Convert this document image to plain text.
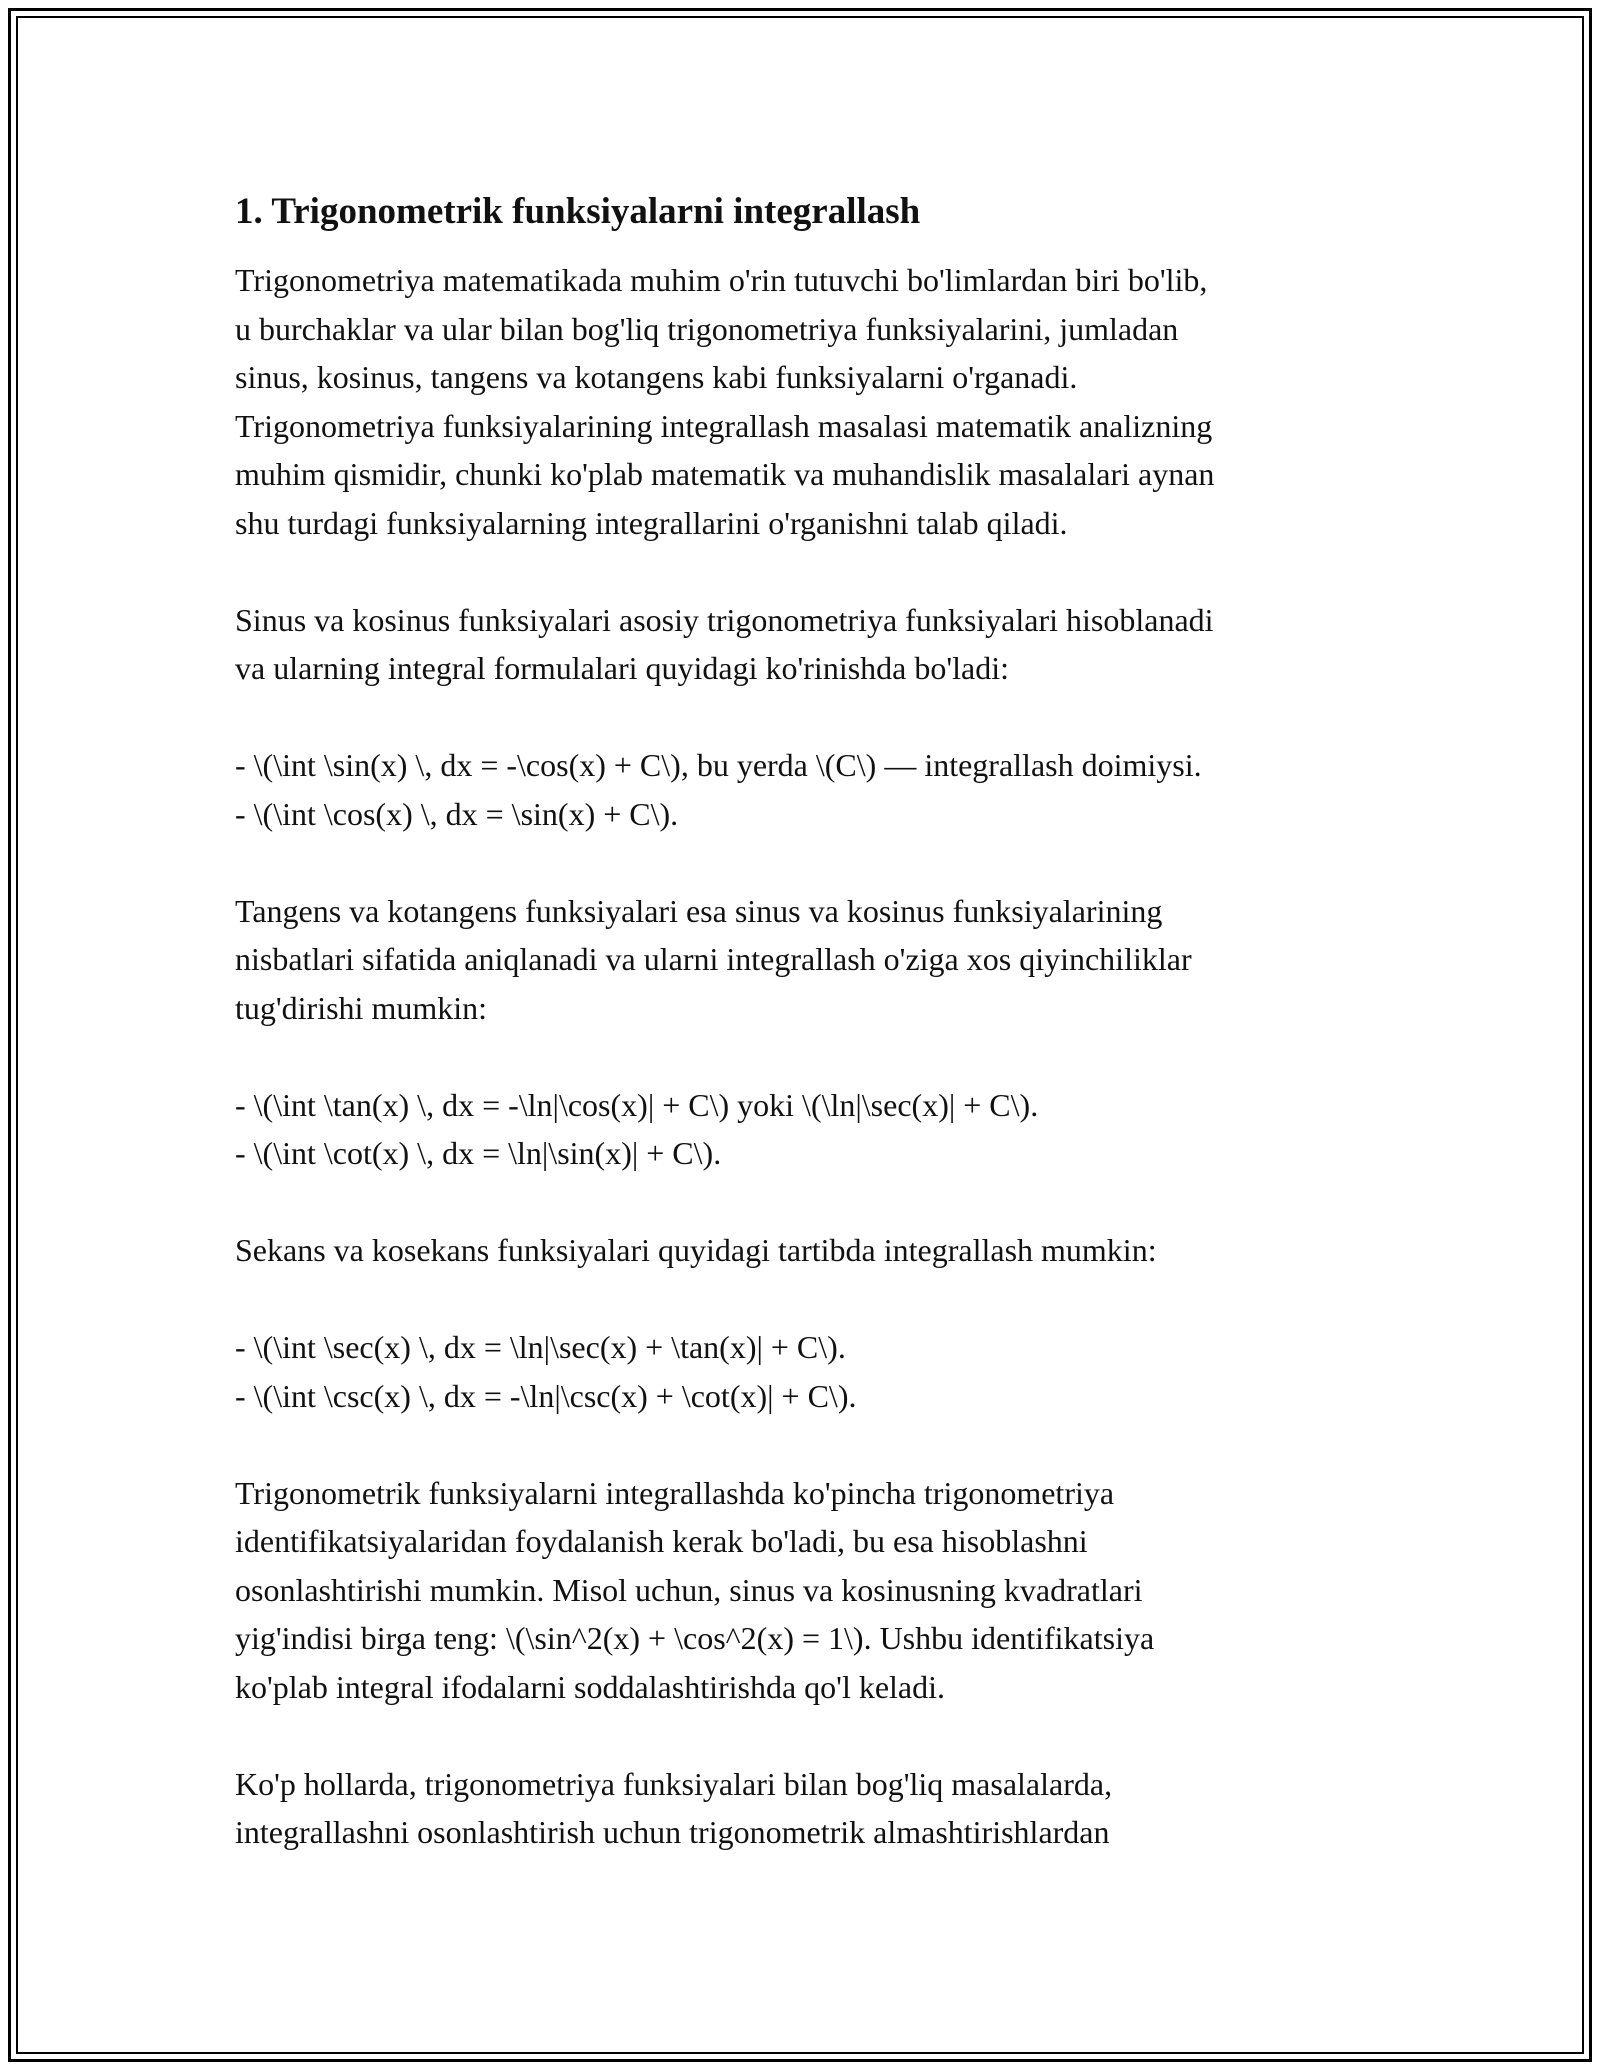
1. Trigonometrik funksiyalarni integrallash
Trigonometriya matematikada muhim o'rin tutuvchi bo'limlardan biri bo'lib,
u burchaklar va ular bilan bog'liq trigonometriya funksiyalarini, jumladan
sinus, kosinus, tangens va kotangens kabi funksiyalarni o'rganadi.
Trigonometriya funksiyalarining integrallash masalasi matematik analizning
muhim qismidir, chunki ko'plab matematik va muhandislik masalalari aynan
shu turdagi funksiyalarning integrallarini o'rganishni talab qiladi.
Sinus va kosinus funksiyalari asosiy trigonometriya funksiyalari hisoblanadi
va ularning integral formulalari quyidagi ko'rinishda bo'ladi:
- \(\int \sin(x) \, dx = -\cos(x) + C\), bu yerda \(C\) — integrallash doimiysi.
- \(\int \cos(x) \, dx = \sin(x) + C\).
Tangens va kotangens funksiyalari esa sinus va kosinus funksiyalarining
nisbatlari sifatida aniqlanadi va ularni integrallash o'ziga xos qiyinchiliklar
tug'dirishi mumkin:
- \(\int \tan(x) \, dx = -\ln|\cos(x)| + C\) yoki \(\ln|\sec(x)| + C\).
- \(\int \cot(x) \, dx = \ln|\sin(x)| + C\).
Sekans va kosekans funksiyalari quyidagi tartibda integrallash mumkin:
- \(\int \sec(x) \, dx = \ln|\sec(x) + \tan(x)| + C\).
- \(\int \csc(x) \, dx = -\ln|\csc(x) + \cot(x)| + C\).
Trigonometrik funksiyalarni integrallashda ko'pincha trigonometriya
identifikatsiyalaridan foydalanish kerak bo'ladi, bu esa hisoblashni
osonlashtirishi mumkin. Misol uchun, sinus va kosinusning kvadratlari
yig'indisi birga teng: \(\sin^2(x) + \cos^2(x) = 1\). Ushbu identifikatsiya
ko'plab integral ifodalarni soddalashtirishda qo'l keladi.
Ko'p hollarda, trigonometriya funksiyalari bilan bog'liq masalalarda,
integrallashni osonlashtirish uchun trigonometrik almashtirishlardan
